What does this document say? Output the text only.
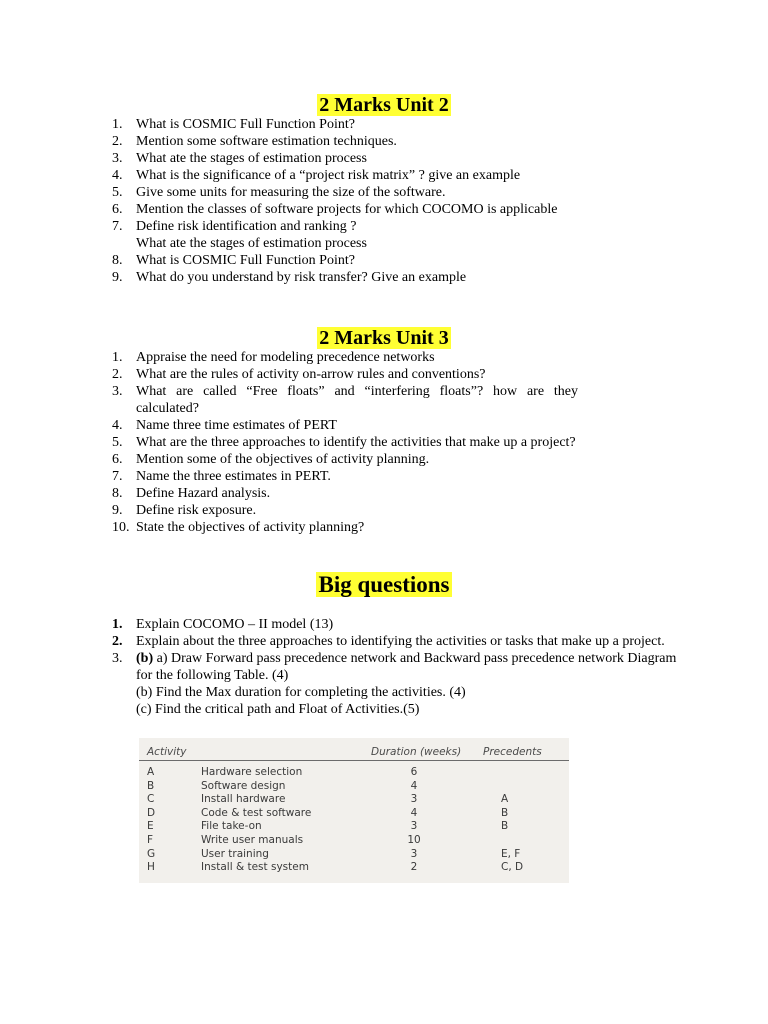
2 Marks Unit 2
1. What is COSMIC Full Function Point?
2. Mention some software estimation techniques.
3. What ate the stages of estimation process
4. What is the significance of a “project risk matrix” ? give an example
5. Give some units for measuring the size of the software.
6. Mention the classes of software projects for which COCOMO is applicable
7. Define risk identification and ranking ?
What ate the stages of estimation process
8. What is COSMIC Full Function Point?
9. What do you understand by risk transfer? Give an example
2 Marks Unit 3
1. Appraise the need for modeling precedence networks
2. What are the rules of activity on-arrow rules and conventions?
3. What are called “Free floats” and “interfering floats”? how are they calculated?
4. Name three time estimates of PERT
5. What are the three approaches to identify the activities that make up a project?
6. Mention some of the objectives of activity planning.
7. Name the three estimates in PERT.
8. Define Hazard analysis.
9. Define risk exposure.
10. State the objectives of activity planning?
Big questions
1. Explain COCOMO – II model (13)
2. Explain about the three approaches to identifying the activities or tasks that make up a project.
3. (b) a) Draw Forward pass precedence network and Backward pass precedence network Diagram for the following Table. (4)
(b) Find the Max duration for completing the activities. (4)
(c) Find the critical path and Float of Activities.(5)
Activity	Duration (weeks) Precedents
A	Hardware selection	6
B	Software design	4
C	Install hardware	3	A
D	Code & test software	4	B
E	File take-on	3	B
F	Write user manuals	10
G	User training	3	E, F
H	Install & test system	2	C, D
